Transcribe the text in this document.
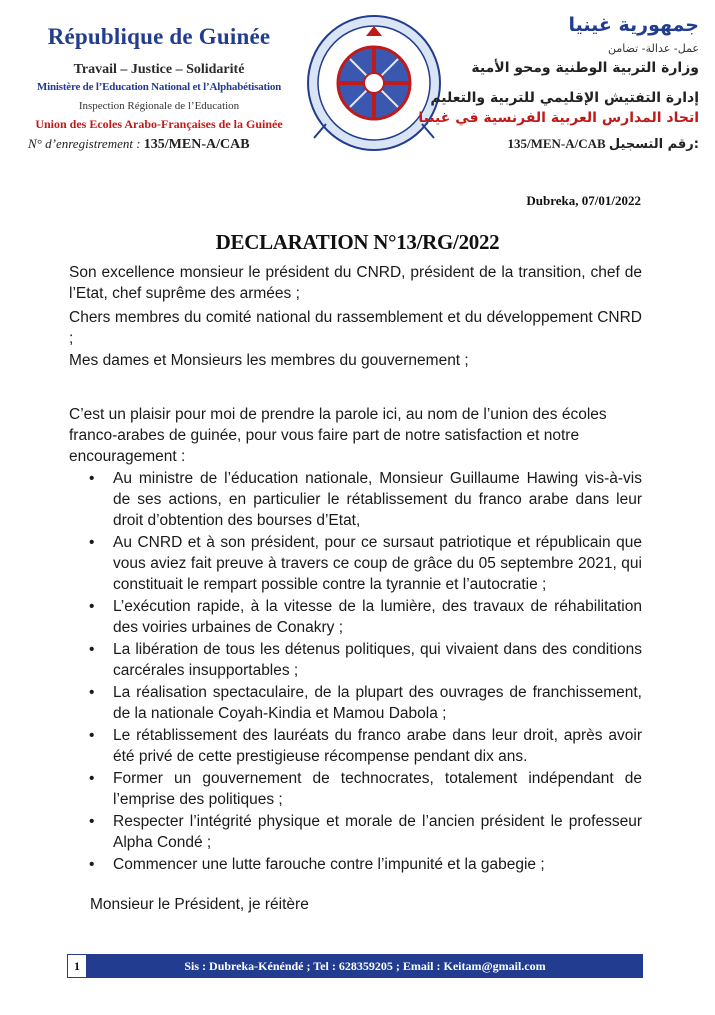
République de Guinée
Travail – Justice – Solidarité
Ministère de l’Education National et l’Alphabétisation
Inspection Régionale de l’Education
Union des Ecoles Arabo-Françaises de la Guinée
N° d’enregistrement : 135/MEN-A/CAB
جمهورية غينيا
عمل- عدالة- تضامن
وزارة التربية الوطنية ومحو الأمية
إدارة التفتيش الإقليمي للتربية والتعليم
اتحاد المدارس العربية الفرنسية في غينيا
135/MEN-A/CAB رقم التسجيل:
Dubreka, 07/01/2022
DECLARATION N°13/RG/2022

Son excellence monsieur le président du CNRD, président de la transition, chef de l’Etat, chef suprême des armées ;

Chers membres du comité national du rassemblement et du développement CNRD ;

Mes dames et Monsieurs les membres du gouvernement ;

C’est un plaisir pour moi de prendre la parole ici, au nom de l’union des écoles franco-arabes de guinée, pour vous faire part de notre satisfaction et notre encouragement :

• Au ministre de l’éducation nationale, Monsieur Guillaume Hawing vis-à-vis de ses actions, en particulier le rétablissement du franco arabe dans leur droit d’obtention des bourses d’Etat,
• Au CNRD et à son président, pour ce sursaut patriotique et républicain que vous aviez fait preuve à travers ce coup de grâce du 05 septembre 2021, qui constituait le rempart possible contre la tyrannie et l’autocratie ;
• L’exécution rapide, à la vitesse de la lumière, des travaux de réhabilitation des voiries urbaines de Conakry ;
• La libération de tous les détenus politiques, qui vivaient dans des conditions carcérales insupportables ;
• La réalisation spectaculaire, de la plupart des ouvrages de franchissement, de la nationale Coyah-Kindia et Mamou Dabola ;
• Le rétablissement des lauréats du franco arabe dans leur droit, après avoir été privé de cette prestigieuse récompense pendant dix ans.
• Former un gouvernement de technocrates, totalement indépendant de l’emprise des politiques ;
• Respecter l’intégrité physique et morale de l’ancien président le professeur Alpha Condé ;
• Commencer une lutte farouche contre l’impunité et la gabegie ;
Monsieur le Président, je réitère
1	Sis : Dubreka-Kénéndé ; Tel : 628359205 ; Email : Keitam@gmail.com
